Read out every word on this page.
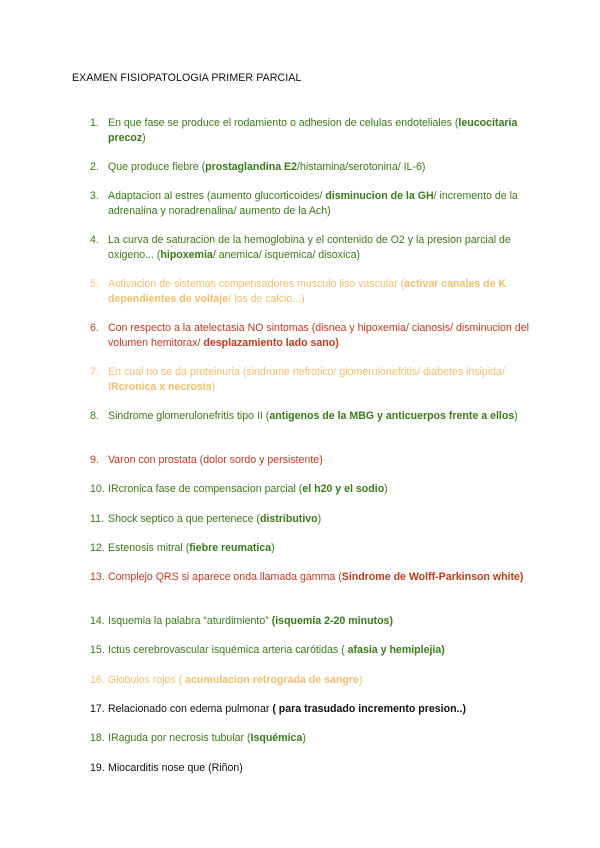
EXAMEN FISIOPATOLOGIA PRIMER PARCIAL
1. En que fase se produce el rodamiento o adhesion de celulas endoteliales (leucocitaria precoz)
2. Que produce fiebre (prostaglandina E2/histamina/serotonina/ IL-6)
3. Adaptacion al estres (aumento glucorticoides/ disminucion de la GH/ incremento de la adrenalina y noradrenalina/ aumento de la Ach)
4. La curva de saturacion de la hemoglobina y el contenido de O2 y la presion parcial de oxigeno... (hipoxemia/ anemica/ isquemica/ disoxica)
5. Activacion de sistemas compensadores musculo liso vascular (activar canales de K dependientes de voltaje/ los de calcio...)
6. Con respecto a la atelectasia NO sintomas (disnea y hipoxemia/ cianosis/ disminucion del volumen hemitorax/ desplazamiento lado sano)
7. En cual no se da proteinuria (sindrome nefrotico/ glomerulonefritis/ diabetes insipida/ IRcronica x necrosis)
8. Sindrome glomerulonefritis tipo II (antigenos de la MBG y anticuerpos frente a ellos)
9. Varon con prostata (dolor sordo y persistente)
10. IRcronica fase de compensacion parcial (el h20 y el sodio)
11. Shock septico a que pertenece (distributivo)
12. Estenosis mitral (fiebre reumatica)
13. Complejo QRS si aparece onda llamada gamma (Sindrome de Wolff-Parkinson white)
14. Isquemia la palabra “aturdimiento” (isquemia 2-20 minutos)
15. Ictus cerebrovascular isquémica arteria carótidas ( afasia y hemiplejia)
16. Globulos rojos ( acumulacion retrograda de sangre)
17. Relacionado con edema pulmonar ( para trasudado incremento presion..)
18. IRaguda por necrosis tubular (Isquémica)
19. Miocarditis nose que (Riñon)
